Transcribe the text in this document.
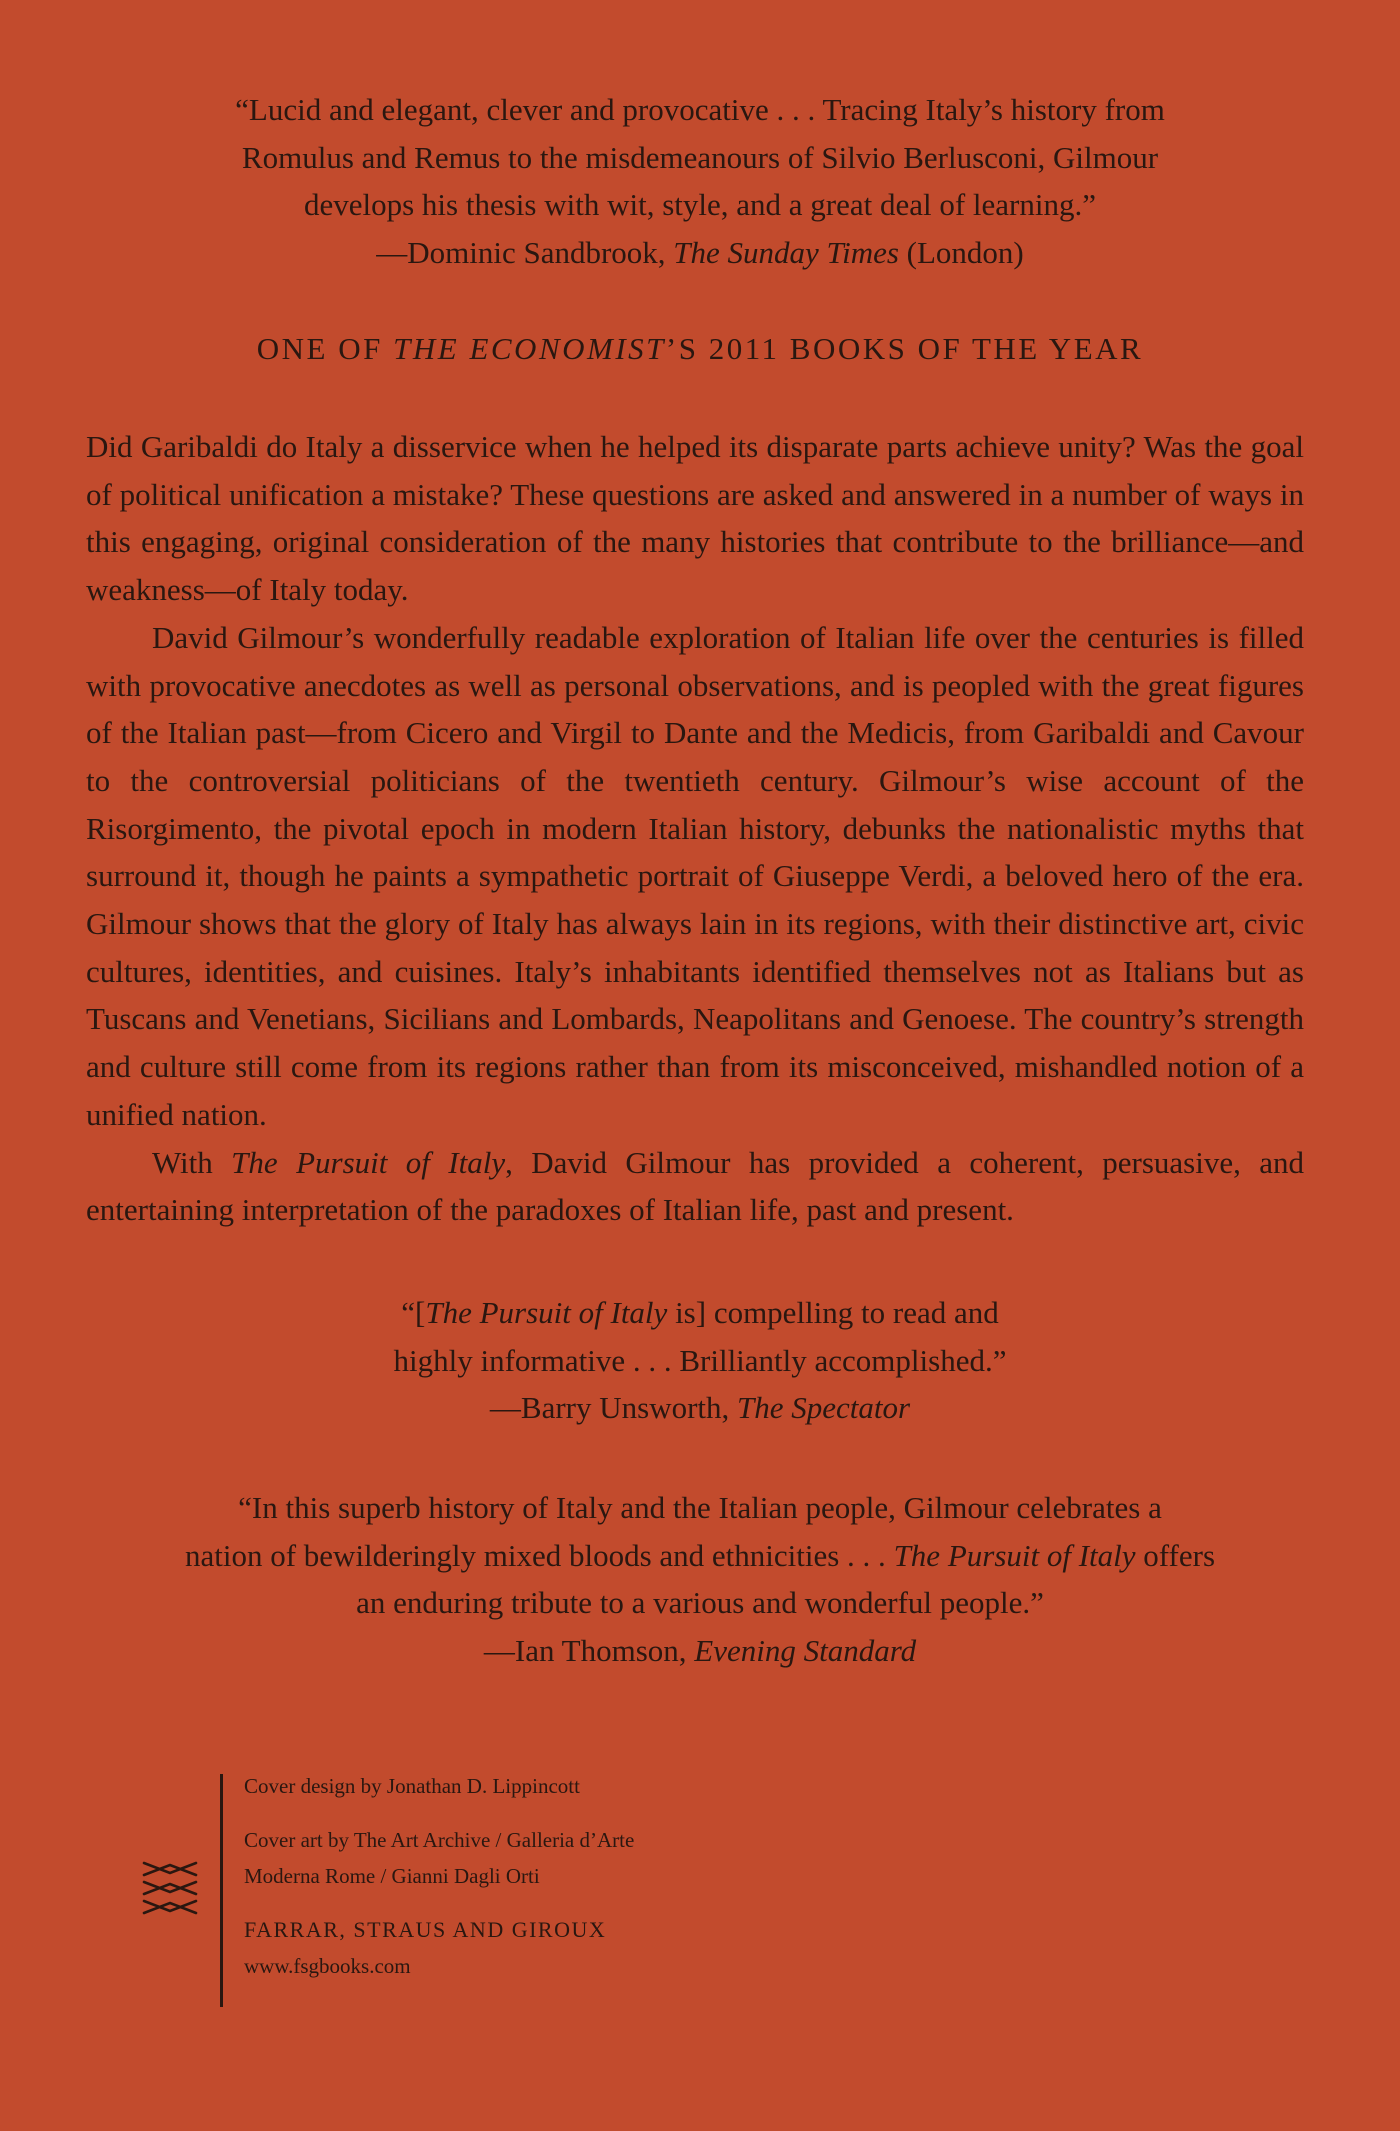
“Lucid and elegant, clever and provocative . . . Tracing Italy’s history from

Romulus and Remus to the misdemeanours of Silvio Berlusconi, Gilmour

develops his thesis with wit, style, and a great deal of learning.”

—Dominic Sandbrook, The Sunday Times (London)

ONE OF THE ECONOMIST’S 2011 BOOKS OF THE YEAR

Did Garibaldi do Italy a disservice when he helped its disparate parts achieve unity? Was the goal of political unification a mistake? These questions are asked and answered in a number of ways in this engaging, original consideration of the many histories that contribute to the brilliance—and weakness—of Italy today.

David Gilmour’s wonderfully readable exploration of Italian life over the centuries is filled with provocative anecdotes as well as personal observations, and is peopled with the great figures of the Italian past—from Cicero and Virgil to Dante and the Medicis, from Garibaldi and Cavour to the controversial politicians of the twentieth century. Gilmour’s wise account of the Risorgimento, the pivotal epoch in modern Italian history, debunks the nationalistic myths that surround it, though he paints a sympathetic portrait of Giuseppe Verdi, a beloved hero of the era. Gilmour shows that the glory of Italy has always lain in its regions, with their distinctive art, civic cultures, identities, and cuisines. Italy’s inhabitants identified themselves not as Italians but as Tuscans and Venetians, Sicilians and Lombards, Neapolitans and Genoese. The country’s strength and culture still come from its regions rather than from its misconceived, mishandled notion of a unified nation.

With The Pursuit of Italy, David Gilmour has provided a coherent, persuasive, and entertaining interpretation of the paradoxes of Italian life, past and present.

“[The Pursuit of Italy is] compelling to read and

highly informative . . . Brilliantly accomplished.”

—Barry Unsworth, The Spectator

“In this superb history of Italy and the Italian people, Gilmour celebrates a

nation of bewilderingly mixed bloods and ethnicities . . . The Pursuit of Italy offers

an enduring tribute to a various and wonderful people.”

—Ian Thomson, Evening Standard

Cover design by Jonathan D. Lippincott

Cover art by The Art Archive / Galleria d’Arte

Moderna Rome / Gianni Dagli Orti

FARRAR, STRAUS AND GIROUX

www.fsgbooks.com
